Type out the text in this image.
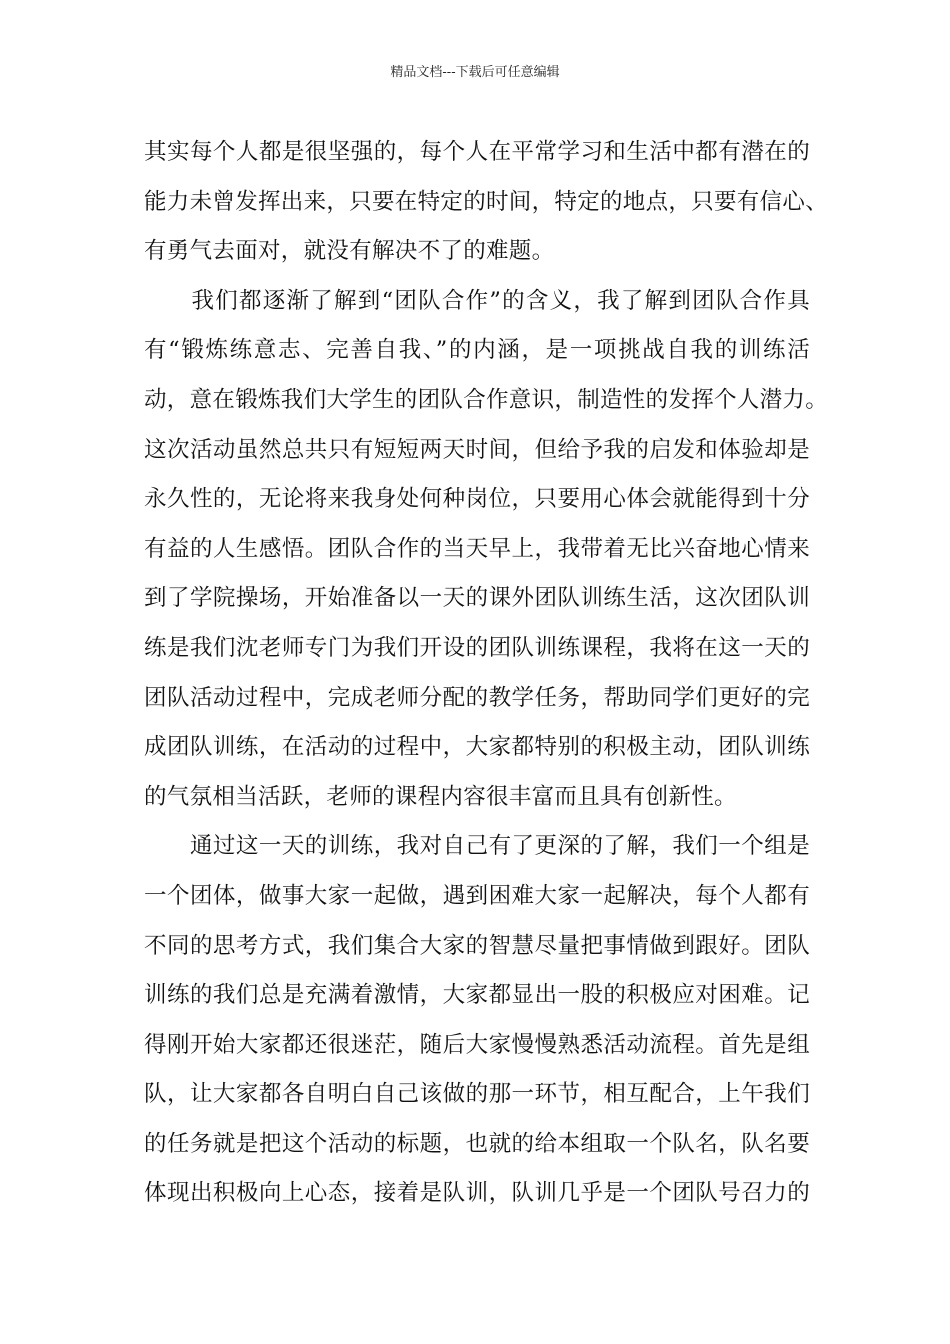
精品文档---下载后可任意编辑
其实每个人都是很坚强的，每个人在平常学习和生活中都有潜在的
能力未曾发挥出来，只要在特定的时间，特定的地点，只要有信心、
有勇气去面对，就没有解决不了的难题。
　　我们都逐渐了解到“团队合作”的含义，我了解到团队合作具
有“锻炼练意志、完善自我、”的内涵，是一项挑战自我的训练活
动，意在锻炼我们大学生的团队合作意识，制造性的发挥个人潜力。
这次活动虽然总共只有短短两天时间，但给予我的启发和体验却是
永久性的，无论将来我身处何种岗位，只要用心体会就能得到十分
有益的人生感悟。团队合作的当天早上，我带着无比兴奋地心情来
到了学院操场，开始准备以一天的课外团队训练生活，这次团队训
练是我们沈老师专门为我们开设的团队训练课程，我将在这一天的
团队活动过程中，完成老师分配的教学任务，帮助同学们更好的完
成团队训练，在活动的过程中，大家都特别的积极主动，团队训练
的气氛相当活跃，老师的课程内容很丰富而且具有创新性。
　　通过这一天的训练，我对自己有了更深的了解，我们一个组是
一个团体，做事大家一起做，遇到困难大家一起解决，每个人都有
不同的思考方式，我们集合大家的智慧尽量把事情做到跟好。团队
训练的我们总是充满着激情，大家都显出一股的积极应对困难。记
得刚开始大家都还很迷茫，随后大家慢慢熟悉活动流程。首先是组
队，让大家都各自明白自己该做的那一环节，相互配合，上午我们
的任务就是把这个活动的标题，也就的给本组取一个队名，队名要
体现出积极向上心态，接着是队训，队训几乎是一个团队号召力的
